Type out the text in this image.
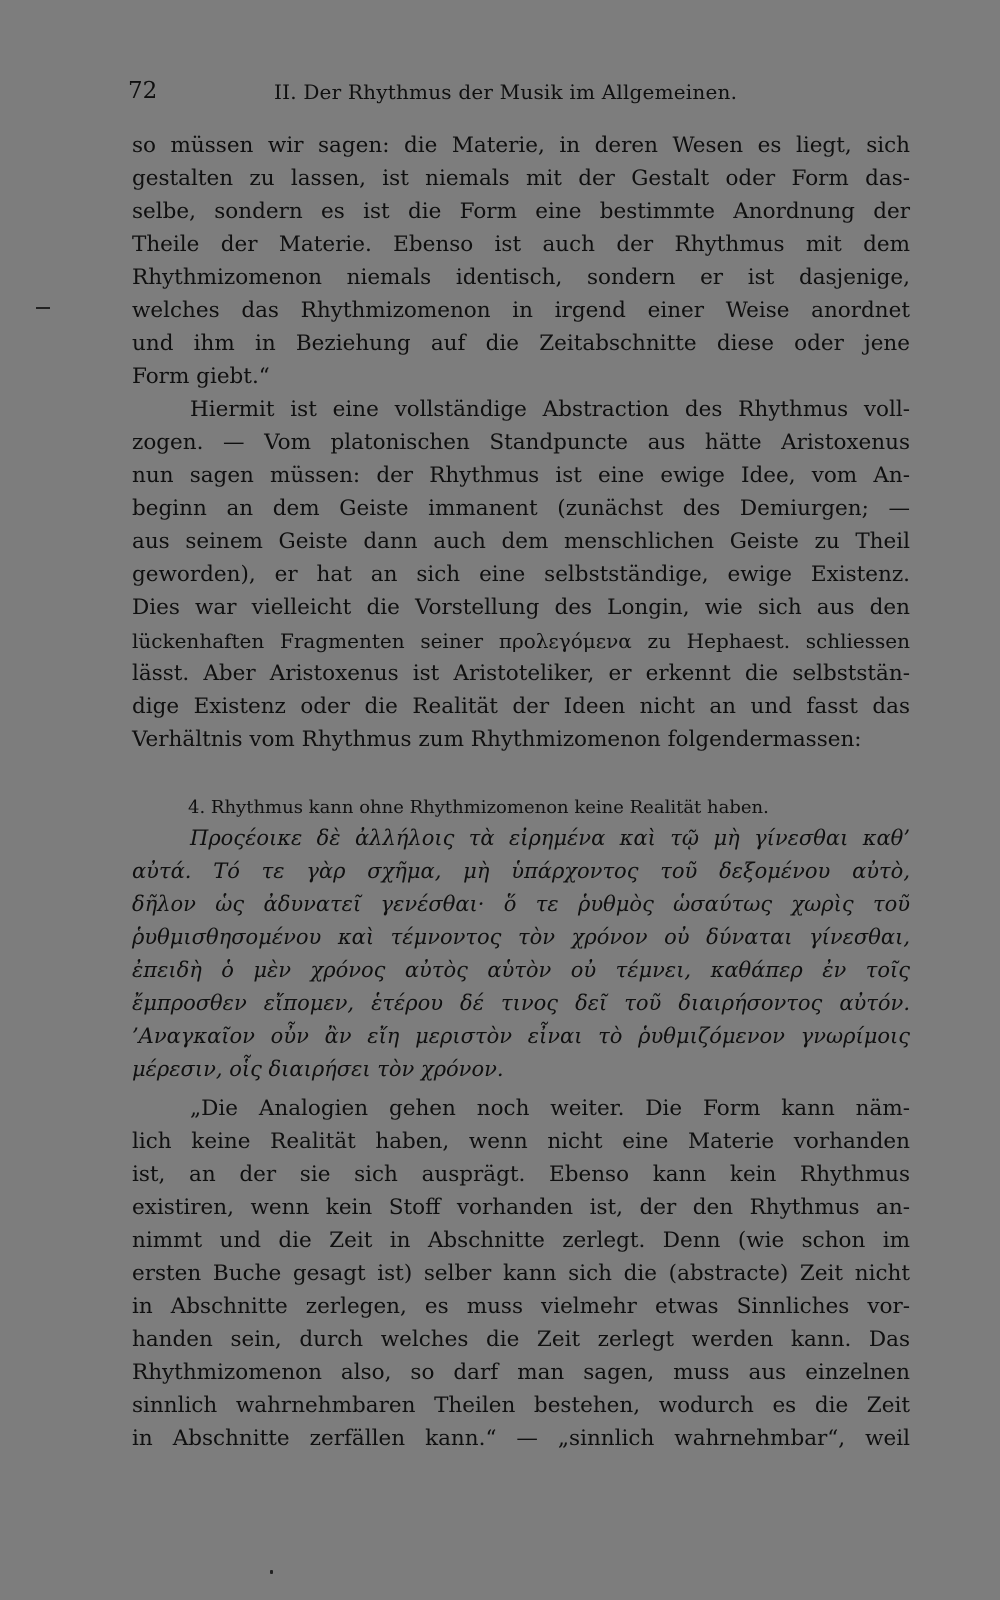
72	II. Der Rhythmus der Musik im Allgemeinen.
so müssen wir sagen: die Materie, in deren Wesen es liegt, sich
gestalten zu lassen, ist niemals mit der Gestalt oder Form das-
selbe, sondern es ist die Form eine bestimmte Anordnung der
Theile der Materie. Ebenso ist auch der Rhythmus mit dem
Rhythmizomenon niemals identisch, sondern er ist dasjenige,
welches das Rhythmizomenon in irgend einer Weise anordnet
und ihm in Beziehung auf die Zeitabschnitte diese oder jene
Form giebt.“
Hiermit ist eine vollständige Abstraction des Rhythmus voll-
zogen. — Vom platonischen Standpuncte aus hätte Aristoxenus
nun sagen müssen: der Rhythmus ist eine ewige Idee, vom An-
beginn an dem Geiste immanent (zunächst des Demiurgen; —
aus seinem Geiste dann auch dem menschlichen Geiste zu Theil
geworden), er hat an sich eine selbstständige, ewige Existenz.
Dies war vielleicht die Vorstellung des Longin, wie sich aus den
lückenhaften Fragmenten seiner προλεγόμενα zu Hephaest. schliessen
lässt. Aber Aristoxenus ist Aristoteliker, er erkennt die selbststän-
dige Existenz oder die Realität der Ideen nicht an und fasst das
Verhältnis vom Rhythmus zum Rhythmizomenon folgendermassen:
4. Rhythmus kann ohne Rhythmizomenon keine Realität haben.
Προςέοικε δὲ ἀλλήλοις τὰ εἰρημένα καὶ τῷ μὴ γίνεσθαι καθ’
αὐτά. Τό τε γὰρ σχῆμα, μὴ ὑπάρχοντος τοῦ δεξομένου αὐτὸ,
δῆλον ὡς ἀδυνατεῖ γενέσθαι· ὅ τε ῥυθμὸς ὡσαύτως χωρὶς τοῦ
ῥυθμισθησομένου καὶ τέμνοντος τὸν χρόνον οὐ δύναται γίνεσθαι,
ἐπειδὴ ὁ μὲν χρόνος αὐτὸς αὑτὸν οὐ τέμνει, καθάπερ ἐν τοῖς
ἔμπροσθεν εἴπομεν, ἑτέρου δέ τινος δεῖ τοῦ διαιρήσοντος αὐτόν.
’Αναγκαῖον οὖν ἂν εἴη μεριστὸν εἶναι τὸ ῥυθμιζόμενον γνωρίμοις
μέρεσιν, οἷς διαιρήσει τὸν χρόνον.
„Die Analogien gehen noch weiter. Die Form kann näm-
lich keine Realität haben, wenn nicht eine Materie vorhanden
ist, an der sie sich ausprägt. Ebenso kann kein Rhythmus
existiren, wenn kein Stoff vorhanden ist, der den Rhythmus an-
nimmt und die Zeit in Abschnitte zerlegt. Denn (wie schon im
ersten Buche gesagt ist) selber kann sich die (abstracte) Zeit nicht
in Abschnitte zerlegen, es muss vielmehr etwas Sinnliches vor-
handen sein, durch welches die Zeit zerlegt werden kann. Das
Rhythmizomenon also, so darf man sagen, muss aus einzelnen
sinnlich wahrnehmbaren Theilen bestehen, wodurch es die Zeit
in Abschnitte zerfällen kann.“ — „sinnlich wahrnehmbar“, weil
